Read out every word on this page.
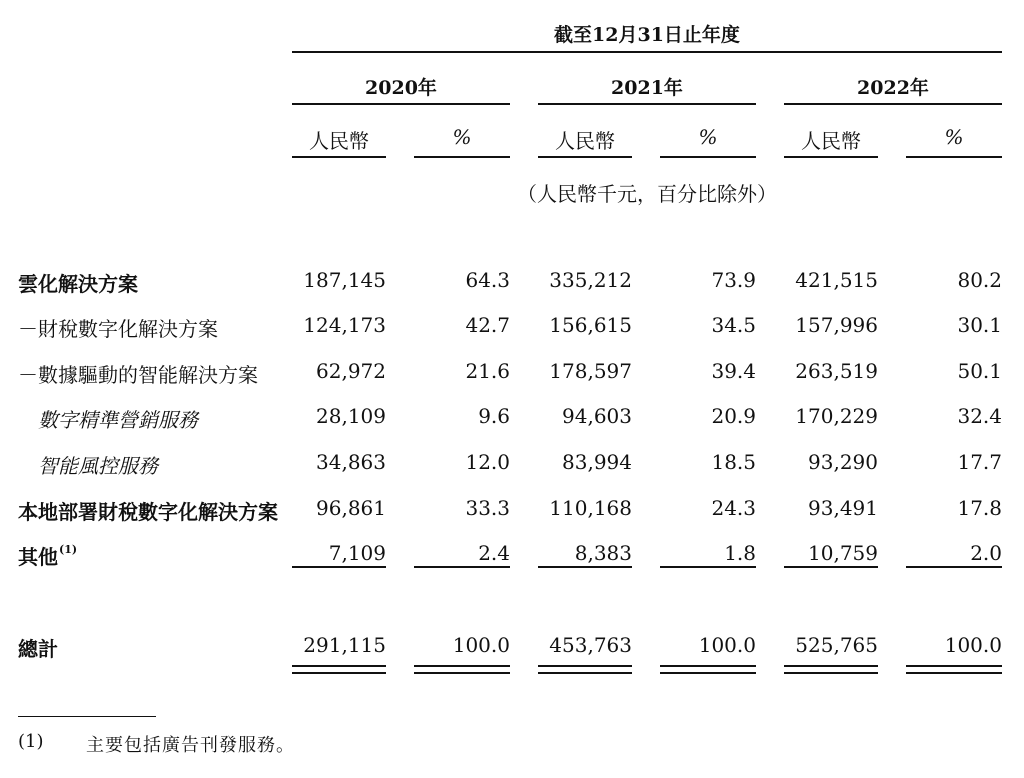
截至12月31日止年度
2020年	2021年	2022年
人民幣	%	人民幣	%	人民幣	%
（人民幣千元，百分比除外）
雲化解決方案	187,145	64.3	335,212	73.9	421,515	80.2
－財稅數字化解決方案	124,173	42.7	156,615	34.5	157,996	30.1
－數據驅動的智能解決方案	62,972	21.6	178,597	39.4	263,519	50.1
數字精準營銷服務	28,109	9.6	94,603	20.9	170,229	32.4
智能風控服務	34,863	12.0	83,994	18.5	93,290	17.7
本地部署財稅數字化解決方案	96,861	33.3	110,168	24.3	93,491	17.8
其他$^{(1)}$	7,109	2.4	8,383	1.8	10,759	2.0
總計	291,115	100.0	453,763	100.0	525,765	100.0
(1) 主要包括廣告刊發服務。
